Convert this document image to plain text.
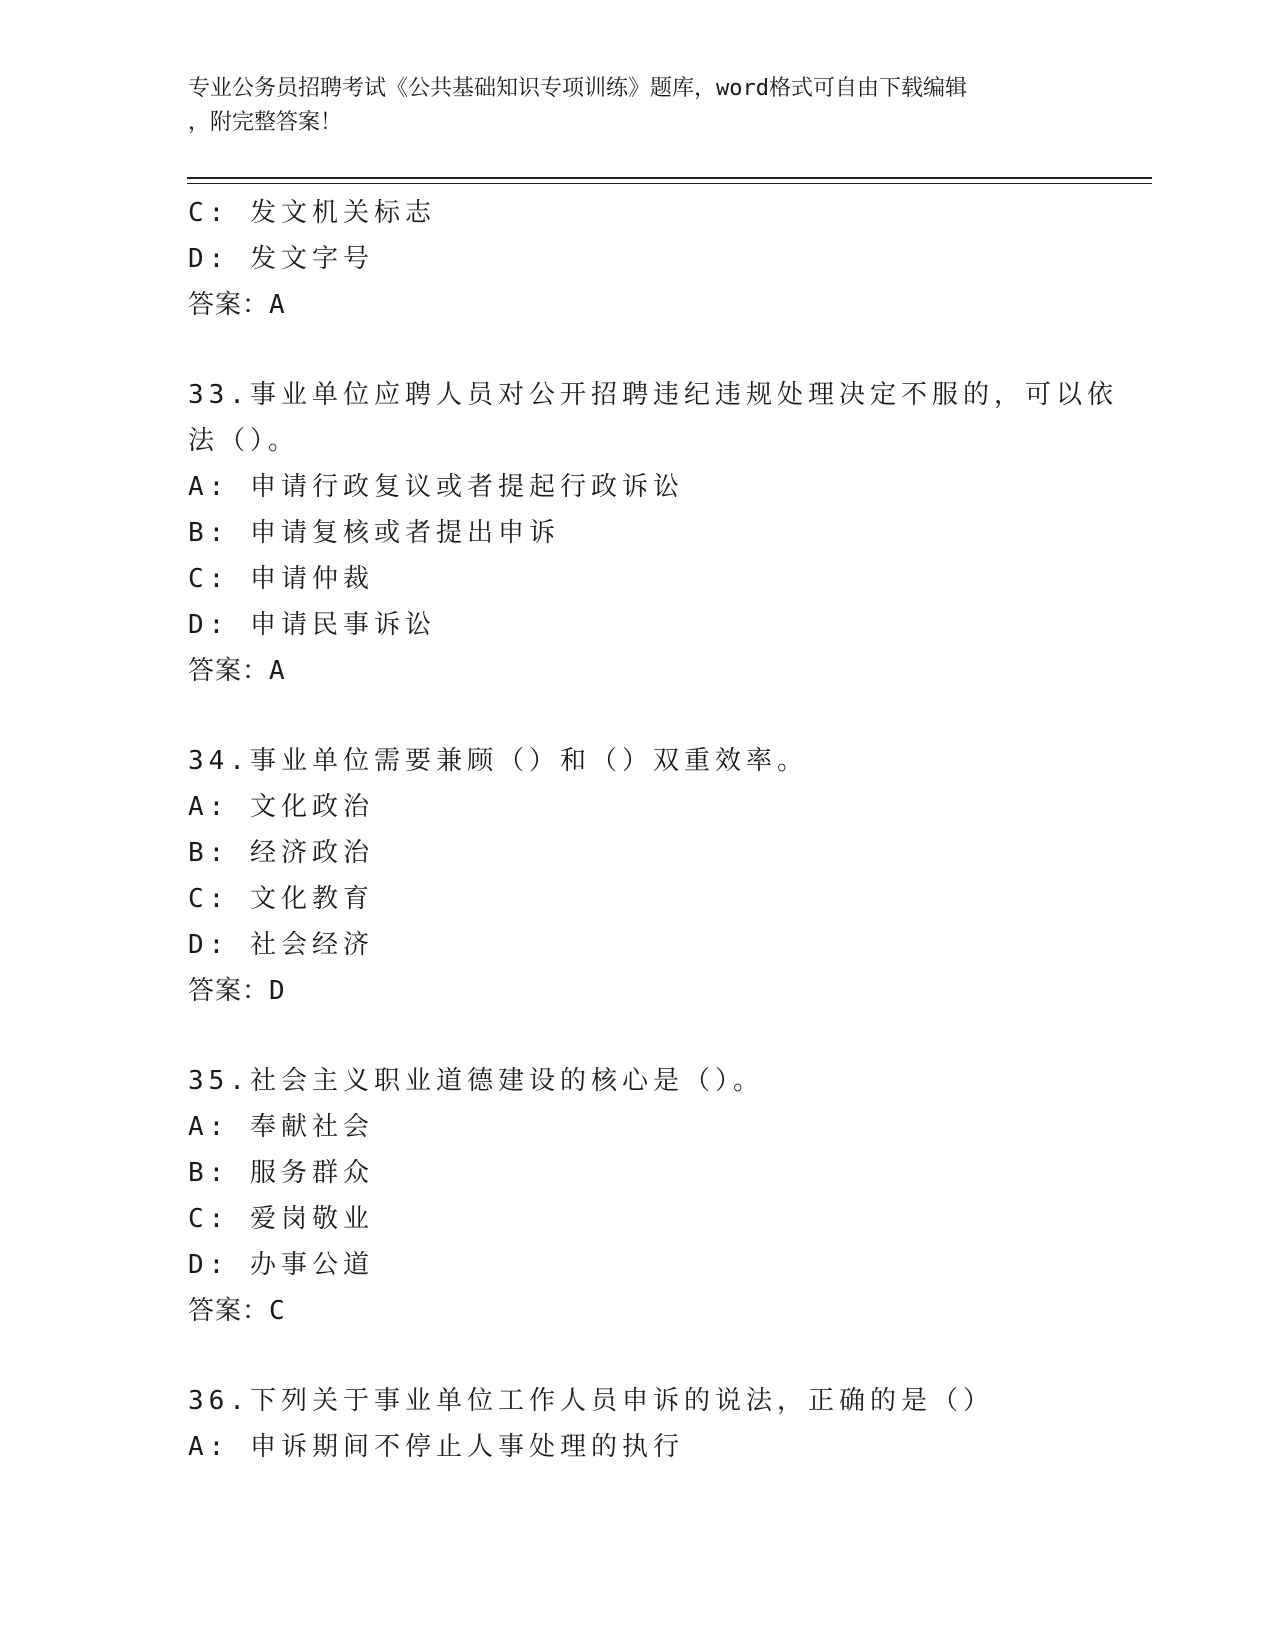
专业公务员招聘考试《公共基础知识专项训练》题库，word格式可自由下载编辑
，附完整答案！
C: 发文机关标志
D: 发文字号
答案：A
33.事业单位应聘人员对公开招聘违纪违规处理决定不服的，可以依法（）。
A: 申请行政复议或者提起行政诉讼
B: 申请复核或者提出申诉
C: 申请仲裁
D: 申请民事诉讼
答案：A
34.事业单位需要兼顾（）和（）双重效率。
A: 文化政治
B: 经济政治
C: 文化教育
D: 社会经济
答案：D
35.社会主义职业道德建设的核心是（）。
A: 奉献社会
B: 服务群众
C: 爱岗敬业
D: 办事公道
答案：C
36.下列关于事业单位工作人员申诉的说法，正确的是（）
A: 申诉期间不停止人事处理的执行
